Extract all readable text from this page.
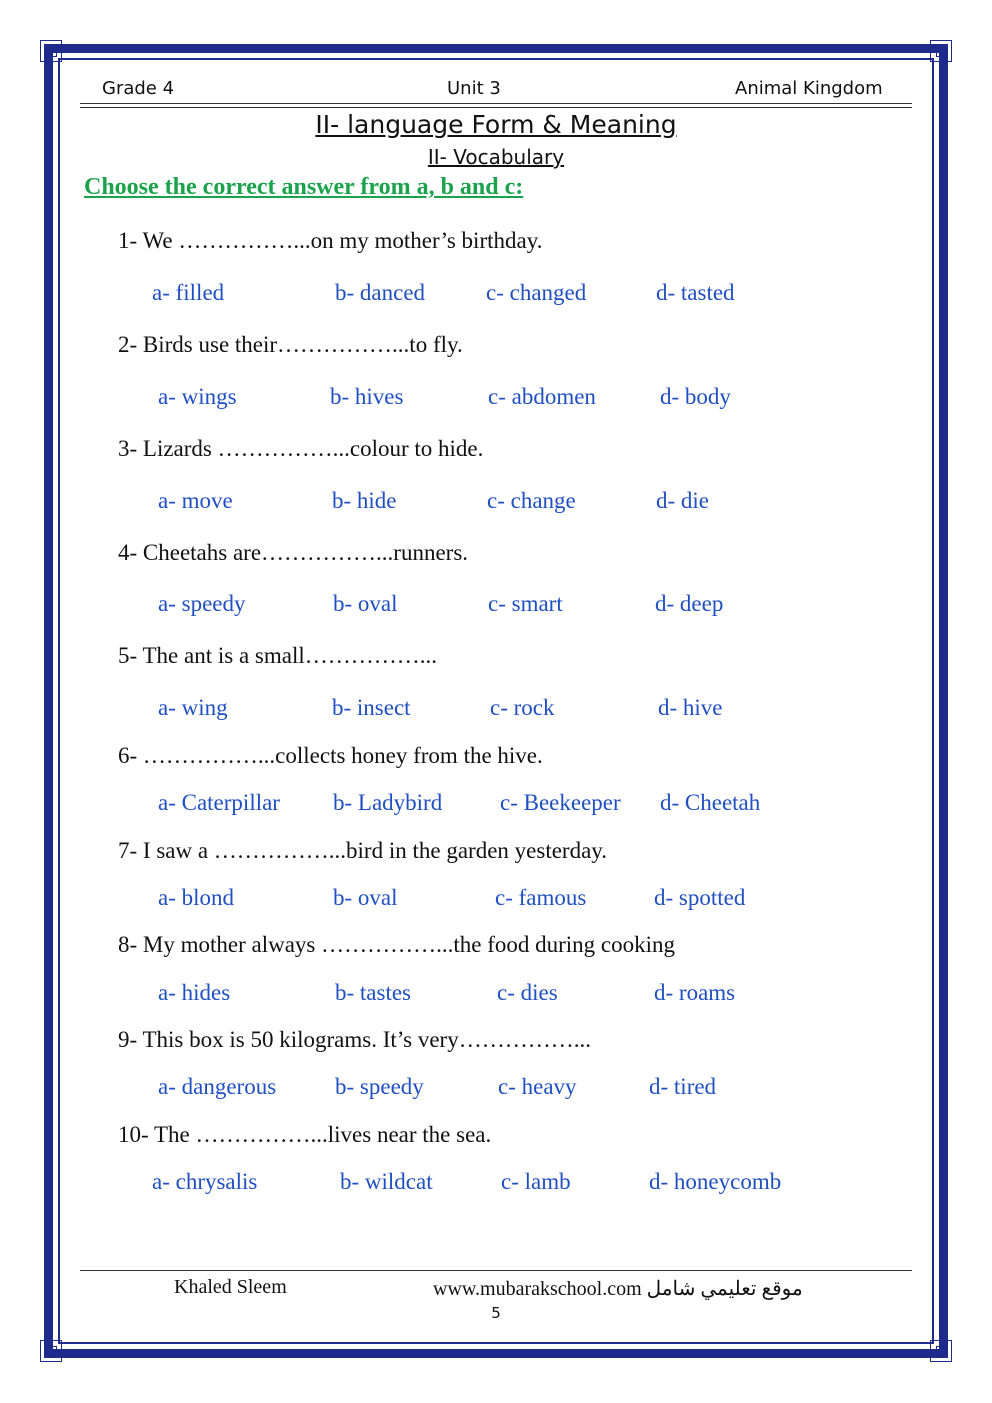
Grade 4	Unit 3	Animal Kingdom
II- language Form & Meaning
II- Vocabulary
Choose the correct answer from a, b and c:
1- We ……………...on my mother’s birthday.
a- filled	b- danced	c- changed	d- tasted
2- Birds use their……………...to fly.
a- wings	b- hives	c- abdomen	d- body
3- Lizards ……………...colour to hide.
a- move	b- hide	c- change	d- die
4- Cheetahs are……………...runners.
a- speedy	b- oval	c- smart	d- deep
5- The ant is a small……………...
a- wing	b- insect	c- rock	d- hive
6- ……………...collects honey from the hive.
a- Caterpillar b- Ladybird	c- Beekeeper d- Cheetah
7- I saw a ……………...bird in the garden yesterday.
a- blond	b- oval	c- famous	d- spotted
8- My mother always ……………...the food during cooking
a- hides	b- tastes	c- dies	d- roams
9- This box is 50 kilograms. It’s very……………...
a- dangerous	b- speedy	c- heavy	d- tired
10- The ……………...lives near the sea.
a- chrysalis	b- wildcat	c- lamb	d- honeycomb
Khaled Sleem	www.mubarakschool.com موقع تعليمي شامل
5
